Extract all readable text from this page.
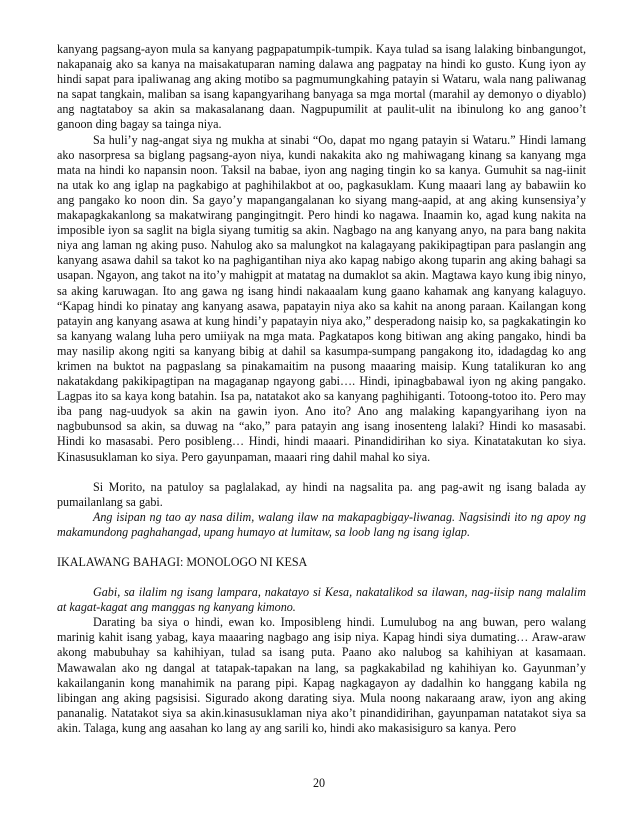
kanyang pagsang-ayon mula sa kanyang pagpapatumpik-tumpik. Kaya tulad sa isang lalaking binbangungot, nakapanaig ako sa kanya na maisakatuparan naming dalawa ang pagpatay na hindi ko gusto. Kung iyon ay hindi sapat para ipaliwanag ang aking motibo sa pagmumungkahing patayin si Wataru, wala nang paliwanag na sapat tangkain, maliban sa isang kapangyarihang banyaga sa mga mortal (marahil ay demonyo o diyablo) ang nagtataboy sa akin sa makasalanang daan. Nagpupumilit at paulit-ulit na ibinulong ko ang ganoo’t ganoon ding bagay sa tainga niya.

Sa huli’y nag-angat siya ng mukha at sinabi “Oo, dapat mo ngang patayin si Wataru.” Hindi lamang ako nasorpresa sa biglang pagsang-ayon niya, kundi nakakita ako ng mahiwagang kinang sa kanyang mga mata na hindi ko napansin noon. Taksil na babae, iyon ang naging tingin ko sa kanya. Gumuhit sa nag-iinit na utak ko ang iglap na pagkabigo at paghihilakbot at oo, pagkasuklam. Kung maaari lang ay babawiin ko ang pangako ko noon din. Sa gayo’y mapangangalanan ko siyang mang-aapid, at ang aking kunsensiya’y makapagkakanlong sa makatwirang pangingitngit. Pero hindi ko nagawa. Inaamin ko, agad kung nakita na imposible iyon sa saglit na bigla siyang tumitig sa akin. Nagbago na ang kanyang anyo, na para bang nakita niya ang laman ng aking puso. Nahulog ako sa malungkot na kalagayang pakikipagtipan para paslangin ang kanyang asawa dahil sa takot ko na paghigantihan niya ako kapag nabigo akong tuparin ang aking bahagi sa usapan. Ngayon, ang takot na ito’y mahigpit at matatag na dumaklot sa akin. Magtawa kayo kung ibig ninyo, sa aking karuwagan. Ito ang gawa ng isang hindi nakaaalam kung gaano kahamak ang kanyang kalaguyo. “Kapag hindi ko pinatay ang kanyang asawa, papatayin niya ako sa kahit na anong paraan. Kailangan kong patayin ang kanyang asawa at kung hindi’y papatayin niya ako,” desperadong naisip ko, sa pagkakatingin ko sa kanyang walang luha pero umiiyak na mga mata. Pagkatapos kong bitiwan ang aking pangako, hindi ba may nasilip akong ngiti sa kanyang bibig at dahil sa kasumpa-sumpang pangakong ito, idadagdag ko ang krimen na buktot na pagpaslang sa pinakamaitim na pusong maaaring maisip. Kung tatalikuran ko ang nakatakdang pakikipagtipan na magaganap ngayong gabi…. Hindi, ipinagbabawal iyon ng aking pangako. Lagpas ito sa kaya kong batahin. Isa pa, natatakot ako sa kanyang paghihiganti. Totoong-totoo ito. Pero may iba pang nag-uudyok sa akin na gawin iyon. Ano ito? Ano ang malaking kapangyarihang iyon na nagbubunsod sa akin, sa duwag na “ako,” para patayin ang isang inosenteng lalaki? Hindi ko masasabi. Hindi ko masasabi. Pero posibleng… Hindi, hindi maaari. Pinandidirihan ko siya. Kinatatakutan ko siya. Kinasusuklaman ko siya. Pero gayunpaman, maaari ring dahil mahal ko siya.

Si Morito, na patuloy sa paglalakad, ay hindi na nagsalita pa. ang pag-awit ng isang balada ay pumailanlang sa gabi.

Ang isipan ng tao ay nasa dilim, walang ilaw na makapagbigay-liwanag. Nagsisindi ito ng apoy ng makamundong paghahangad, upang humayo at lumitaw, sa loob lang ng isang iglap.

IKALAWANG BAHAGI: MONOLOGO NI KESA

Gabi, sa ilalim ng isang lampara, nakatayo si Kesa, nakatalikod sa ilawan, nag-iisip nang malalim at kagat-kagat ang manggas ng kanyang kimono.

Darating ba siya o hindi, ewan ko. Imposibleng hindi. Lumulubog na ang buwan, pero walang marinig kahit isang yabag, kaya maaaring nagbago ang isip niya. Kapag hindi siya dumating… Araw-araw akong mabubuhay sa kahihiyan, tulad sa isang puta. Paano ako nalubog sa kahihiyan at kasamaan. Mawawalan ako ng dangal at tatapak-tapakan na lang, sa pagkakabilad ng kahihiyan ko. Gayunman’y kakailanganin kong manahimik na parang pipi. Kapag nagkagayon ay dadalhin ko hanggang kabila ng libingan ang aking pagsisisi. Sigurado akong darating siya. Mula noong nakaraang araw, iyon ang aking pananalig. Natatakot siya sa akin.kinasusuklaman niya ako’t pinandidirihan, gayunpaman natatakot siya sa akin. Talaga, kung ang aasahan ko lang ay ang sarili ko, hindi ako makasisiguro sa kanya. Pero

20
